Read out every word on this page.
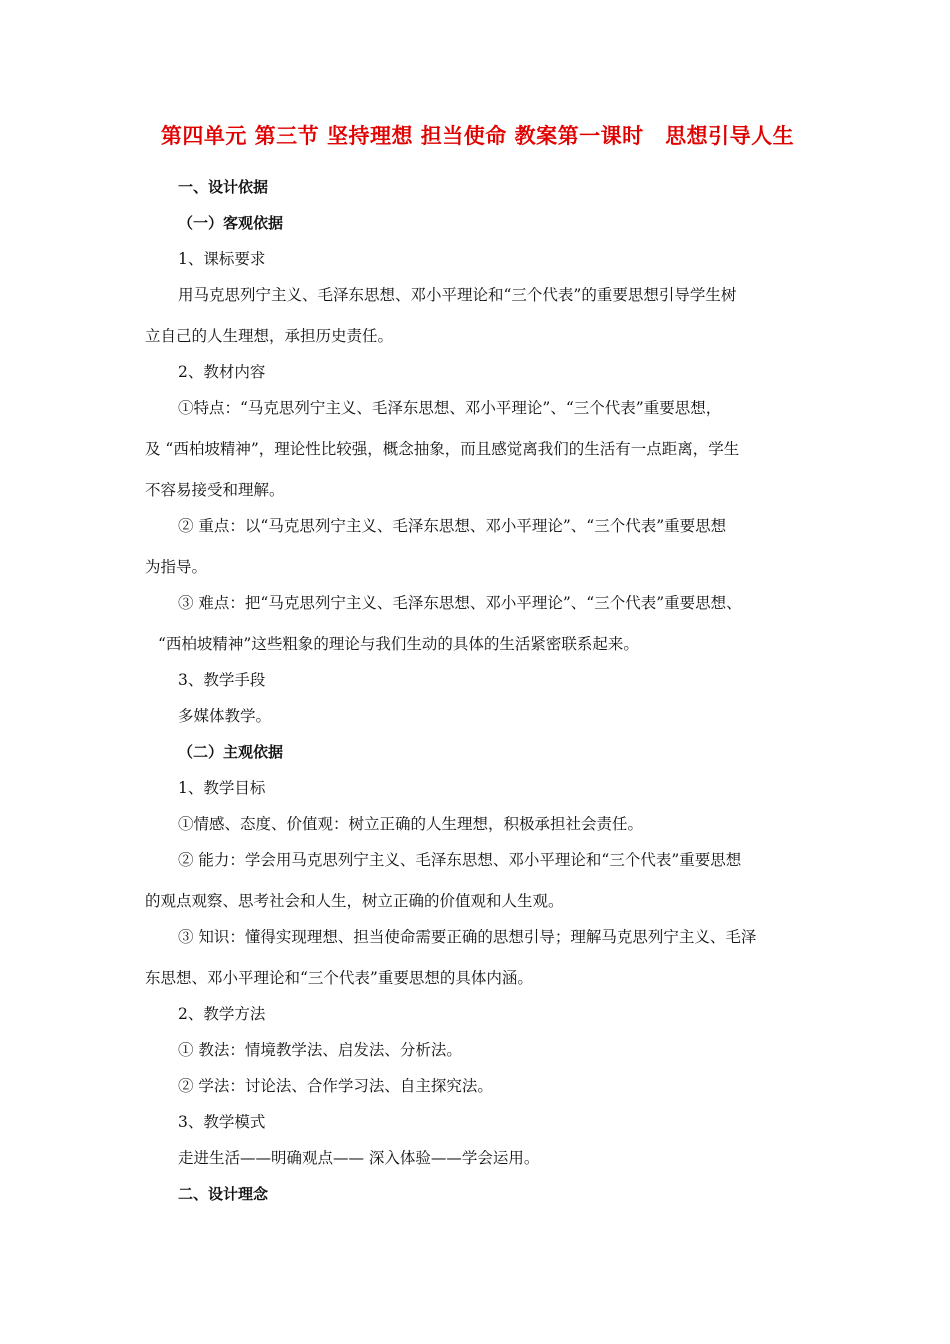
第四单元 第三节 坚持理想 担当使命 教案第一课时　思想引导人生
一、设计依据
（一）客观依据
1、课标要求
用马克思列宁主义、毛泽东思想、邓小平理论和“三个代表”的重要思想引导学生树
立自己的人生理想，承担历史责任。
2、教材内容
①特点：“马克思列宁主义、毛泽东思想、邓小平理论”、“三个代表”重要思想，
及 “西柏坡精神”，理论性比较强，概念抽象，而且感觉离我们的生活有一点距离，学生
不容易接受和理解。
② 重点：以“马克思列宁主义、毛泽东思想、邓小平理论”、“三个代表”重要思想
为指导。
③ 难点：把“马克思列宁主义、毛泽东思想、邓小平理论”、“三个代表”重要思想、
“西柏坡精神”这些粗象的理论与我们生动的具体的生活紧密联系起来。
3、教学手段
多媒体教学。
（二）主观依据
1、教学目标
①情感、态度、价值观：树立正确的人生理想，积极承担社会责任。
② 能力：学会用马克思列宁主义、毛泽东思想、邓小平理论和“三个代表”重要思想
的观点观察、思考社会和人生，树立正确的价值观和人生观。
③ 知识：懂得实现理想、担当使命需要正确的思想引导；理解马克思列宁主义、毛泽
东思想、邓小平理论和“三个代表”重要思想的具体内涵。
2、教学方法
① 教法：情境教学法、启发法、分析法。
② 学法：讨论法、合作学习法、自主探究法。
3、教学模式
走进生活——明确观点—— 深入体验——学会运用。
二、设计理念
